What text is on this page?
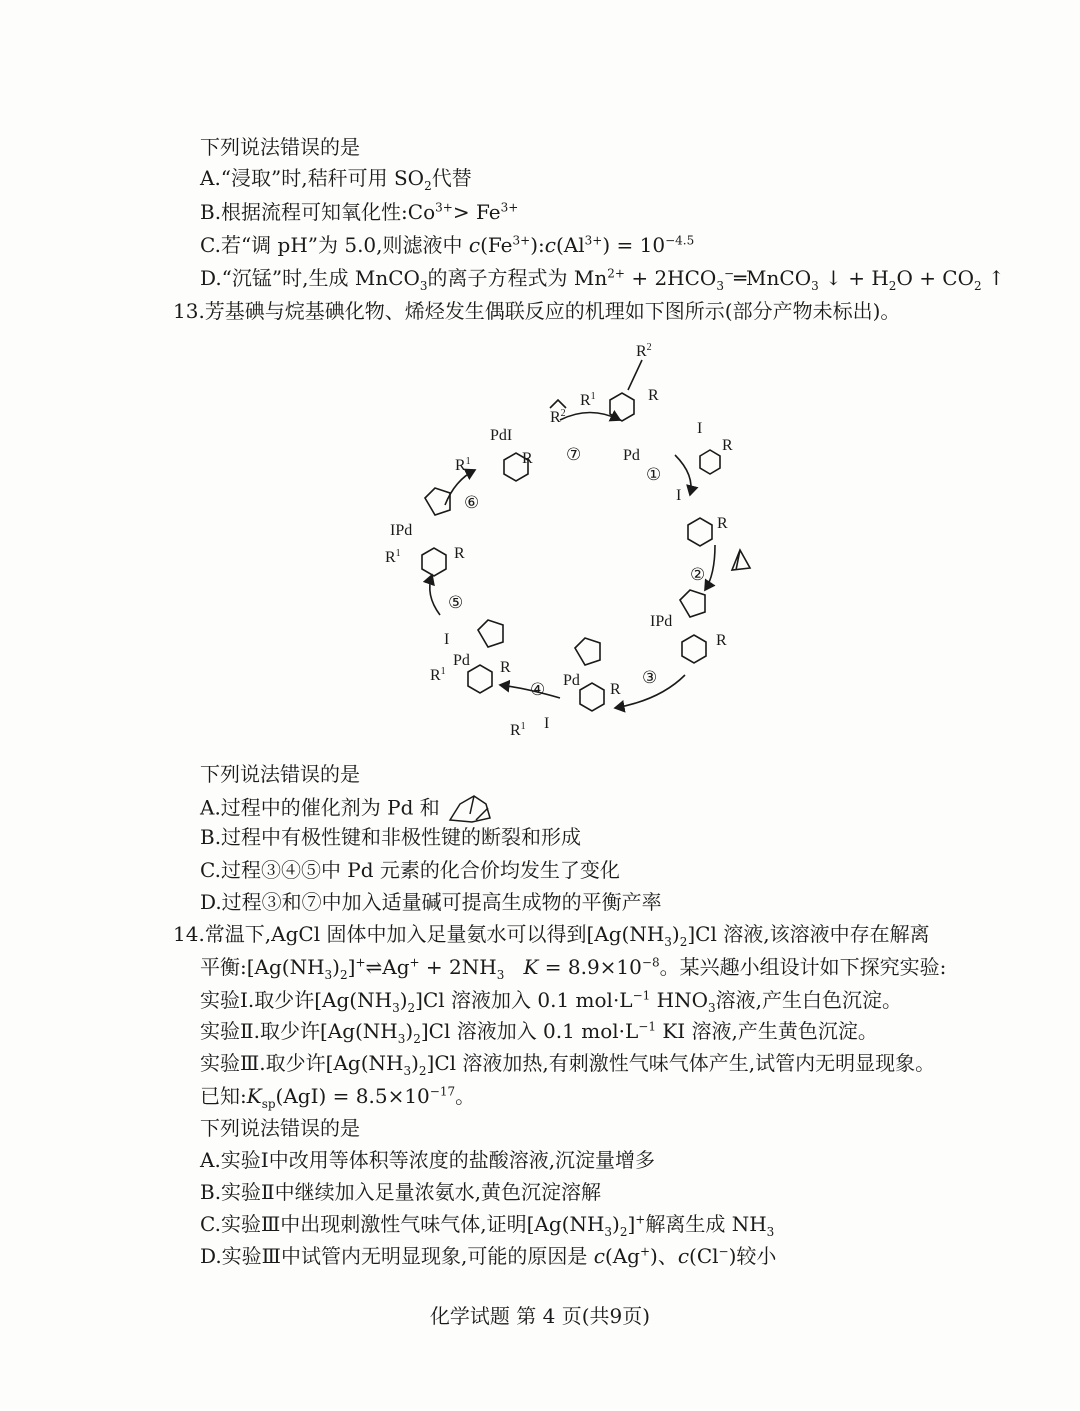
下列说法错误的是
A.“浸取”时,秸秆可用 $SO_2$代替
B.根据流程可知氧化性$:Co^{3+}> Fe^{3+}$
C.若“调 pH”为 5.0,则滤液中 $c(Fe^{3+}):c(Al^{3+}) = 10^{-4.5}$
D.“沉锰”时,生成 MnCO$_3$的离子方程式为 $Mn^{2+}$ + $2HCO_3^-═MnCO_3$ ↓ + $H_2O + CO_2$ ↑
13.芳基碘与烷基碘化物、烯烃发生偶联反应的机理如下图所示(部分产物未标出)。
⑦
①
②
③
④
⑤
⑥
Pd
PdI
IPd
IPd
Pd
Pd
I
I
I
I
R
R
R
R
R
R
R
R
$R^1$
$R^1$
$R^1$
$R^1$
$R^1$
$R^2$
$R^2$
下列说法错误的是
A.过程中的催化剂为 Pd 和
B.过程中有极性键和非极性键的断裂和形成
C.过程③④⑤中 Pd 元素的化合价均发生了变化
D.过程③和⑦中加入适量碱可提高生成物的平衡产率
14.常温下,AgCl 固体中加入足量氨水可以得到$[Ag(NH_3)_2]Cl$ 溶液,该溶液中存在解离
平衡$:[Ag(NH_3)_2]^+\rightleftharpoons Ag^+ + 2NH_3$ $K = 8.9\times 10^{-8}$。某兴趣小组设计如下探究实验:
实验Ⅰ.取少许$[Ag(NH_3)_2]Cl$ 溶液加入 0.1 $mol\cdot L^{-1}$ $HNO_3$溶液,产生白色沉淀。
实验Ⅱ.取少许$[Ag(NH_3)_2]Cl$ 溶液加入 0.1 $mol\cdot L^{-1}$ KI 溶液,产生黄色沉淀。
实验Ⅲ.取少许$[Ag(NH_3)_2]Cl$ 溶液加热,有刺激性气味气体产生,试管内无明显现象。
已知$:K_{sp}(AgI) = 8.5\times 10^{-17}$。
下列说法错误的是
A.实验Ⅰ中改用等体积等浓度的盐酸溶液,沉淀量增多
B.实验Ⅱ中继续加入足量浓氨水,黄色沉淀溶解
C.实验Ⅲ中出现刺激性气味气体,证明$[Ag(NH_3)_2]^+$解离生成 $NH_3$
D.实验Ⅲ中试管内无明显现象,可能的原因是 c(Ag+)、c(Cl−)较小
化学试题 第 4 页(共9页)
